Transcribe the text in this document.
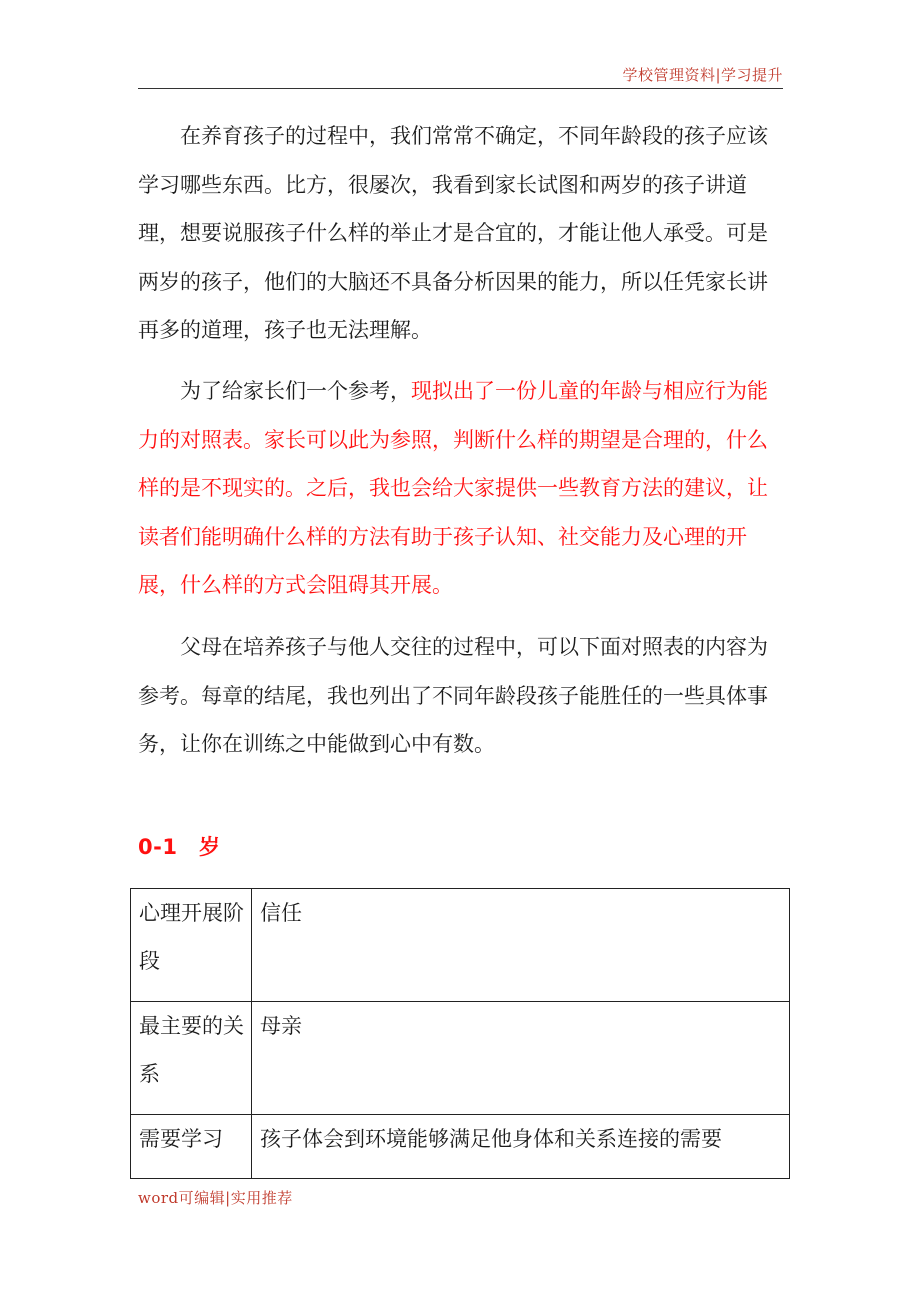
学校管理资料|学习提升

在养育孩子的过程中，我们常常不确定，不同年龄段的孩子应该学习哪些东西。比方，很屡次，我看到家长试图和两岁的孩子讲道理，想要说服孩子什么样的举止才是合宜的，才能让他人承受。可是两岁的孩子，他们的大脑还不具备分析因果的能力，所以任凭家长讲再多的道理，孩子也无法理解。

为了给家长们一个参考，现拟出了一份儿童的年龄与相应行为能力的对照表。家长可以此为参照，判断什么样的期望是合理的，什么样的是不现实的。之后，我也会给大家提供一些教育方法的建议，让读者们能明确什么样的方法有助于孩子认知、社交能力及心理的开展，什么样的方式会阻碍其开展。

父母在培养孩子与他人交往的过程中，可以下面对照表的内容为参考。每章的结尾，我也列出了不同年龄段孩子能胜任的一些具体事务，让你在训练之中能做到心中有数。

0-1　岁
心理开展阶段	信任
最主要的关系	母亲
需要学习	孩子体会到环境能够满足他身体和关系连接的需要
word可编辑|实用推荐
